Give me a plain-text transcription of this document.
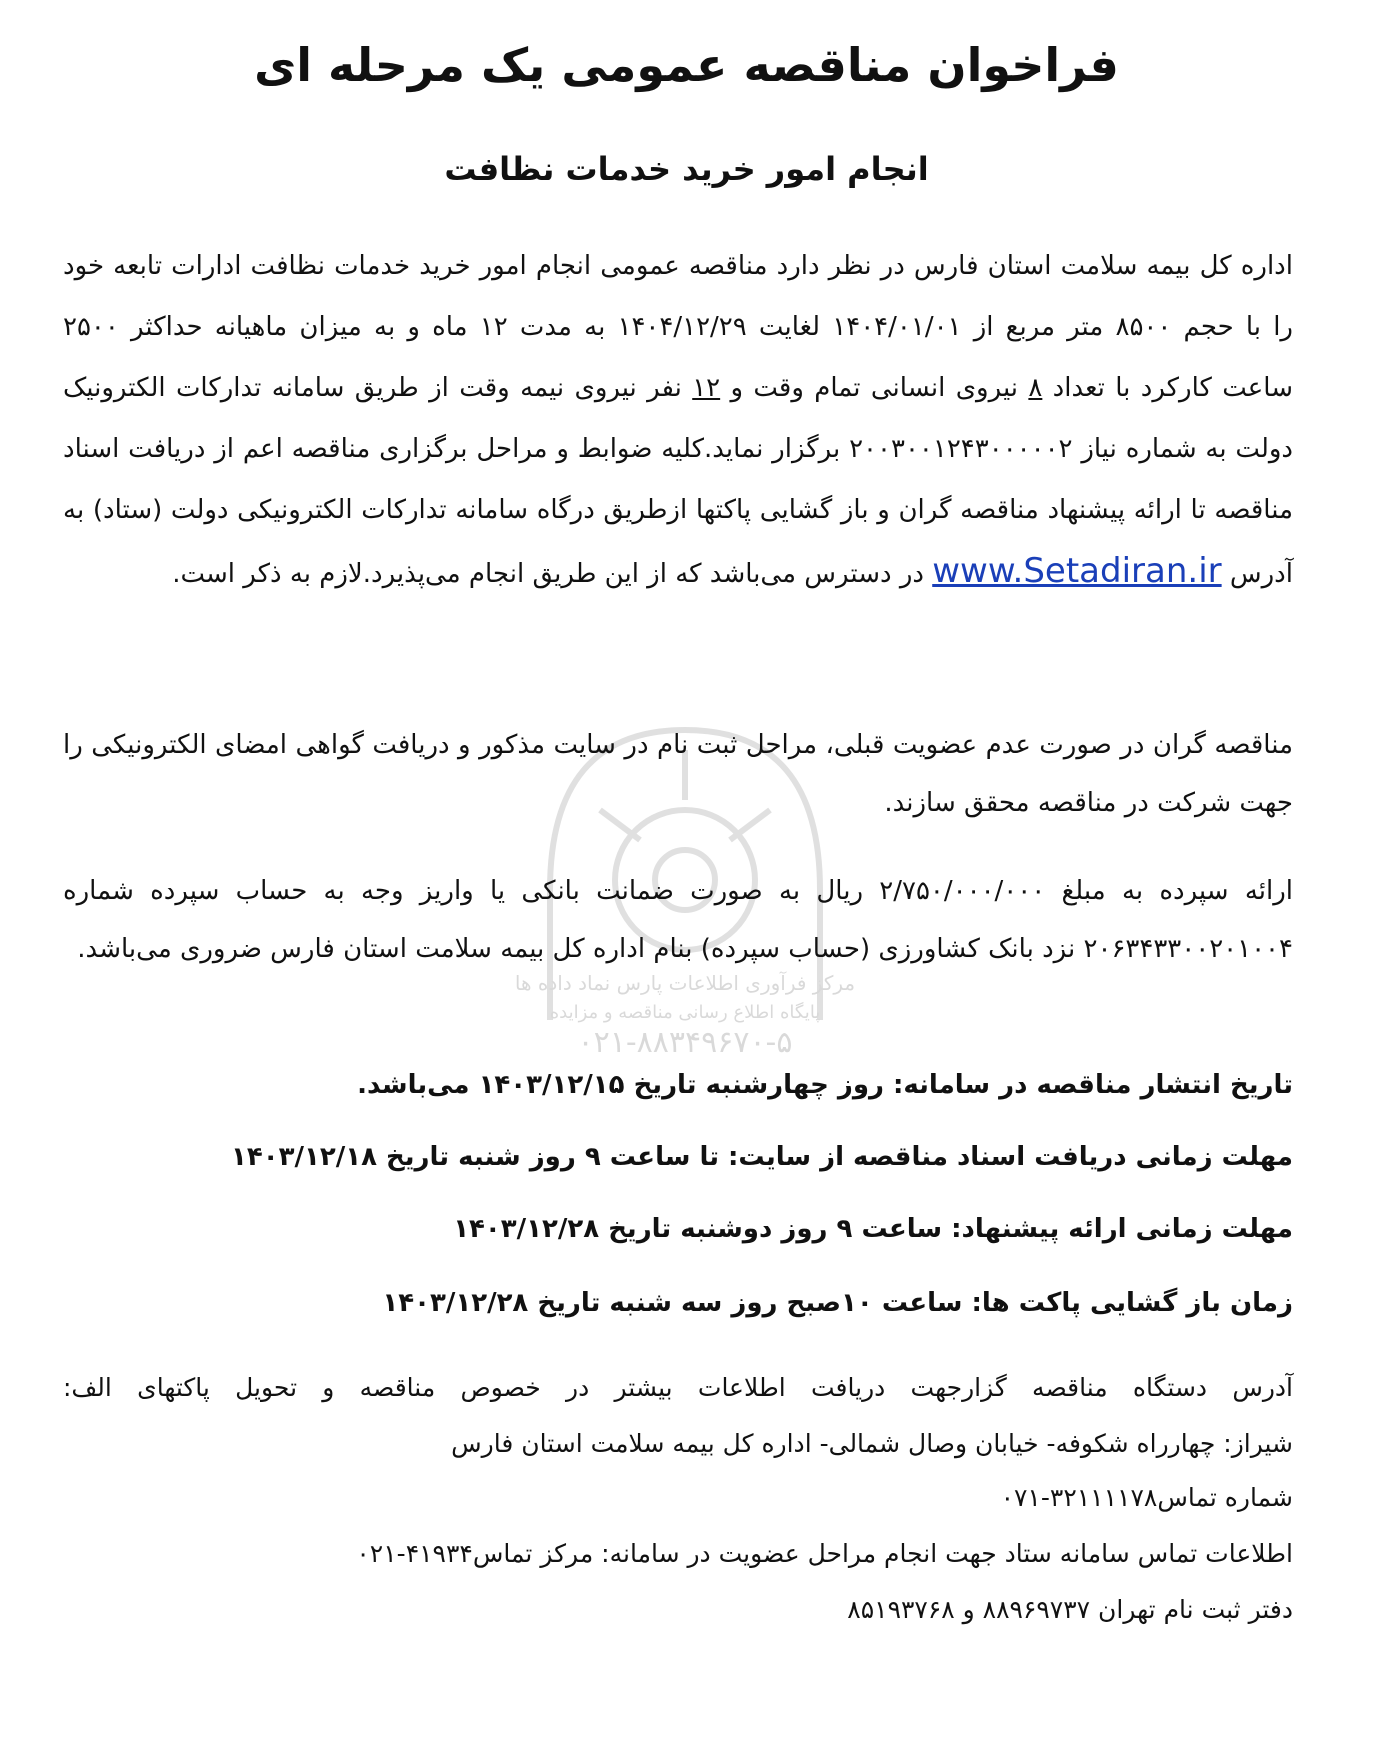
فراخوان مناقصه عمومی یک مرحله ای
انجام امور خرید خدمات نظافت
اداره کل بیمه سلامت استان فارس در نظر دارد مناقصه عمومی انجام امور خرید خدمات نظافت ادارات تابعه خود را با حجم ۸۵۰۰ متر مربع از ۱۴۰۴/۰۱/۰۱ لغایت ۱۴۰۴/۱۲/۲۹ به مدت ۱۲ ماه و به میزان ماهیانه حداکثر ۲۵۰۰ ساعت کارکرد با تعداد ۸ نیروی انسانی تمام وقت و ۱۲ نفر نیروی نیمه وقت از طریق سامانه تدارکات الکترونیک دولت به شماره نیاز ۲۰۰۳۰۰۱۲۴۳۰۰۰۰۰۲ برگزار نماید.کلیه ضوابط و مراحل برگزاری مناقصه اعم از دریافت اسناد مناقصه تا ارائه پیشنهاد مناقصه گران و باز گشایی پاکتها ازطریق درگاه سامانه تدارکات الکترونیکی دولت (ستاد) به آدرس www.Setadiran.ir در دسترس می‌باشد که از این طریق انجام می‌پذیرد.لازم به ذکر است.
مرکز فرآوری اطلاعات پارس نماد داده ها
پایگاه اطلاع رسانی مناقصه و مزایده
۰۲۱-۸۸۳۴۹۶۷۰-۵
مناقصه گران در صورت عدم عضویت قبلی، مراحل ثبت نام در سایت مذکور و دریافت گواهی امضای الکترونیکی را جهت شرکت در مناقصه محقق سازند.
ارائه سپرده به مبلغ ۲/۷۵۰/۰۰۰/۰۰۰ ریال به صورت ضمانت بانکی یا واریز وجه به حساب سپرده شماره ۲۰۶۳۴۳۳۰۰۲۰۱۰۰۴ نزد بانک کشاورزی (حساب سپرده) بنام اداره کل بیمه سلامت استان فارس ضروری می‌باشد.
تاریخ انتشار مناقصه در سامانه: روز چهارشنبه تاریخ ۱۴۰۳/۱۲/۱۵ می‌باشد.
مهلت زمانی دریافت اسناد مناقصه از سایت: تا ساعت ۹ روز شنبه تاریخ ۱۴۰۳/۱۲/۱۸
مهلت زمانی ارائه پیشنهاد: ساعت ۹ روز دوشنبه تاریخ ۱۴۰۳/۱۲/۲۸
زمان باز گشایی پاکت ها: ساعت ۱۰صبح روز سه شنبه تاریخ ۱۴۰۳/۱۲/۲۸
آدرس دستگاه مناقصه گزارجهت دریافت اطلاعات بیشتر در خصوص مناقصه و تحویل پاکتهای الف:
شیراز: چهارراه شکوفه- خیابان وصال شمالی- اداره کل بیمه سلامت استان فارس
شماره تماس۳۲۱۱۱۱۷۸-۰۷۱
اطلاعات تماس سامانه ستاد جهت انجام مراحل عضویت در سامانه: مرکز تماس۴۱۹۳۴-۰۲۱
دفتر ثبت نام تهران ۸۸۹۶۹۷۳۷ و ۸۵۱۹۳۷۶۸
